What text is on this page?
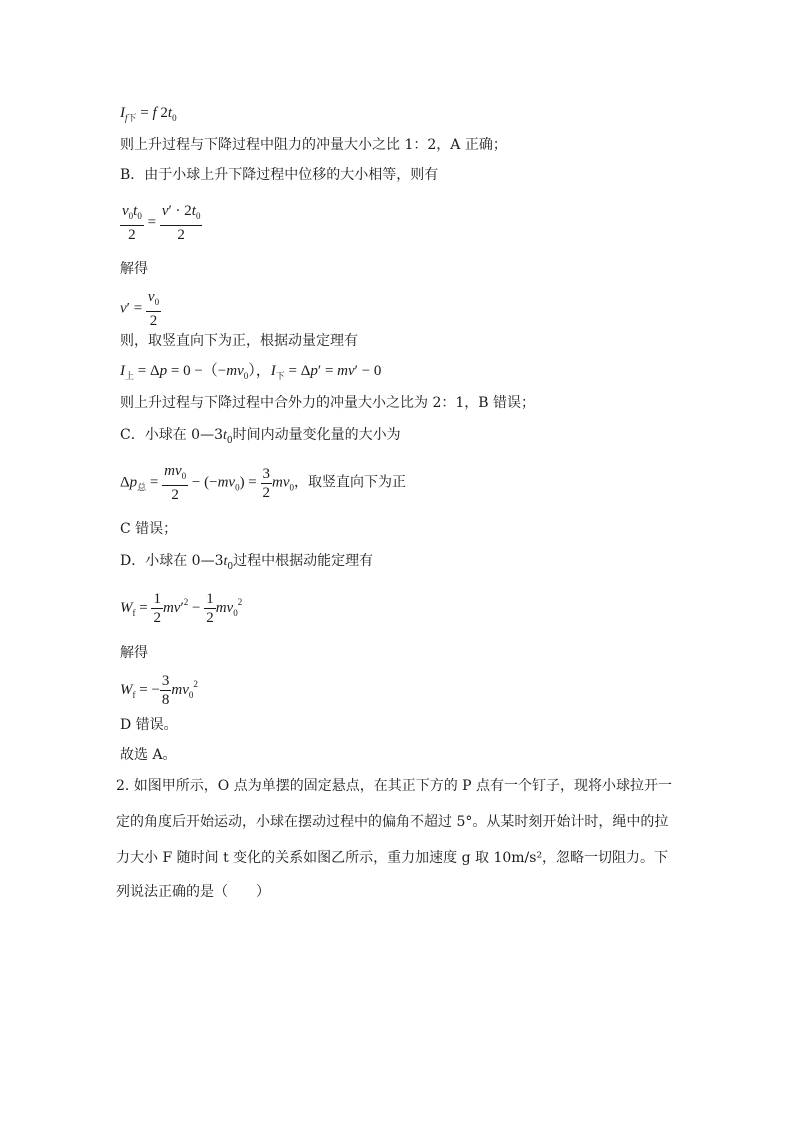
$I_{f下} = f$ $2t_0$
则上升过程与下降过程中阻力的冲量大小之比 1：2，A 正确；
B．由于小球上升下降过程中位移的大小相等，则有
$\frac{v_0t_0}{2} = \frac{v' \cdot 2t_0}{2}$
解得
$v' = \frac{v_0}{2}$
则，取竖直向下为正，根据动量定理有
$I_上 = \Delta p = 0 -(-mv_0)$，$I_下 = \Delta p' = mv' - 0$
则上升过程与下降过程中合外力的冲量大小之比为 2：1，B 错误；
C．小球在 $0—3t_0$时间内动量变化量的大小为
$\Delta p_总 = \frac{mv_0}{2} - (-mv_0) = \frac{3}{2} mv_0$，取竖直向下为正
C 错误；
D．小球在 $0—3t_0$过程中根据动能定理有
$W_f = \frac{1}{2} mv'^2 - \frac{1}{2} mv_0^2$
解得
$W_f$ = − $\frac{3}{8} mv_0^2$
D 错误。
故选 A。
2. 如图甲所示，O 点为单摆的固定悬点，在其正下方的 P 点有一个钉子，现将小球拉开一
定的角度后开始运动，小球在摆动过程中的偏角不超过 5°。从某时刻开始计时，绳中的拉
力大小 F 随时间 t 变化的关系如图乙所示，重力加速度 g 取 10m/s²，忽略一切阻力。下
列说法正确的是（　　）
